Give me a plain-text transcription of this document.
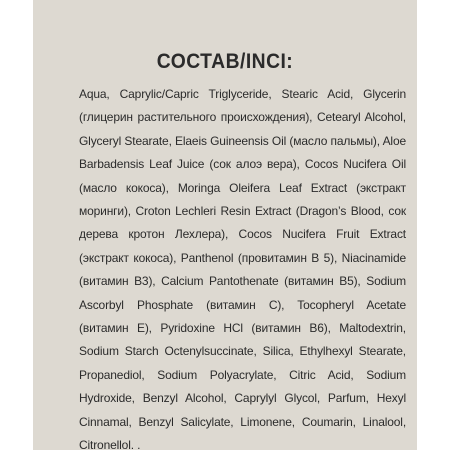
СОСТАВ/INCI:
Aqua, Caprylic/Capric Triglyceride, Stearic Acid, Glycerin (глицерин растительного происхождения), Cetearyl Alcohol, Glyceryl Stearate, Elaeis Guineensis Oil (масло пальмы), Aloe Barbadensis Leaf Juice (сок алоэ вера), Cocos Nucifera Oil (масло кокоса), Moringa Oleifera Leaf Extract (экстракт моринги), Croton Lechleri Resin Extract (Dragon’s Blood, сок дерева кротон Лехлера), Cocos Nucifera Fruit Extract (экстракт кокоса), Panthenol (провитамин В 5), Niacinamide (витамин В3), Calcium Pantothenate (витамин В5), Sodium Ascorbyl Phosphate (витамин С), Tocopheryl Acetate (витамин Е), Pyridoxine HCl (витамин В6), Maltodextrin, Sodium Starch Octenylsuccinate, Silica, Ethylhexyl Stearate, Propanediol, Sodium Polyacrylate, Citric Acid, Sodium Hydroxide, Benzyl Alcohol, Caprylyl Glycol, Parfum, Hexyl Cinnamal, Benzyl Salicylate, Limonene, Coumarin, Linalool, Citronellol. .
